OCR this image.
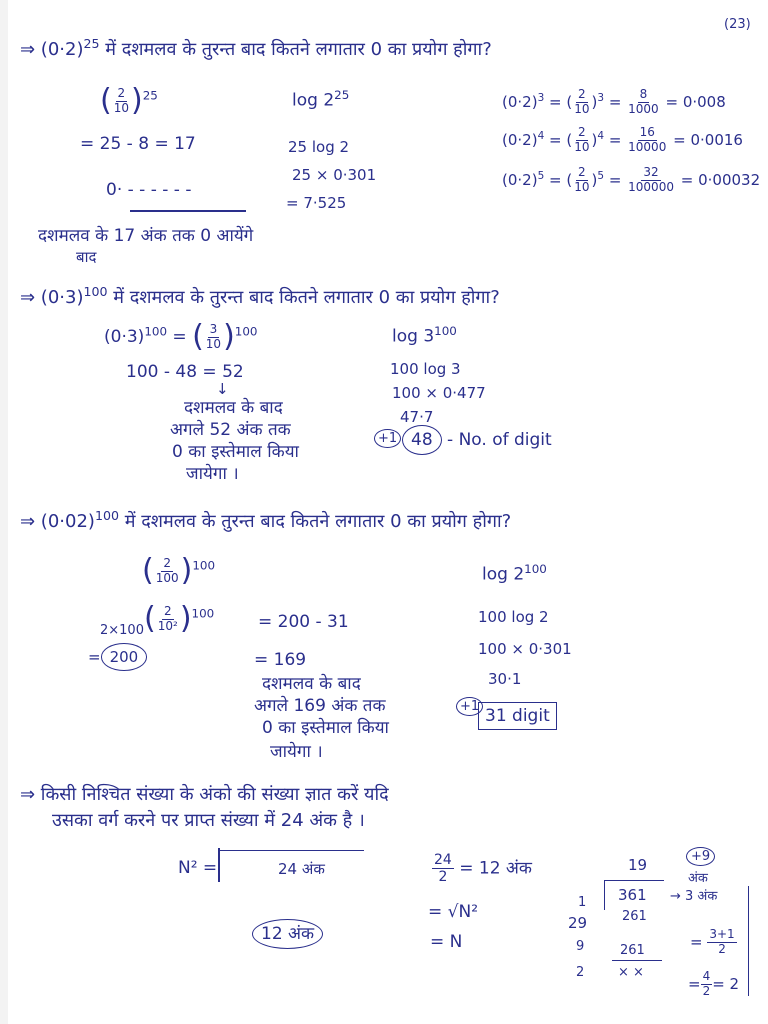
(23)
⇒ $(0\cdot 2)^{25}$ में दशमलव के तुरन्त बाद कितने लगातार 0 का प्रयोग होगा?
( $\frac{2}{10} )^{25}$
= 25 - 8 = 17
0· - - - - - -
दशमलव के 17 अंक तक 0 आयेंगे
बाद
$\log 2^{25}$
25 log 2
25 × 0·301
= 7·525
$(0\cdot 2)^3$ = ( $\frac{2}{10} )^3 = \frac{8}{1000} = 0\cdot 008$
$(0\cdot 2)^4$ = ( $\frac{2}{10} )^4 = \frac{16}{10000} = 0\cdot 0016$
$(0\cdot 2)^5$ = ( $\frac{2}{10} )^5 = \frac{32}{100000} = 0\cdot 00032$
⇒ $(0\cdot 3)^{100}$ में दशमलव के तुरन्त बाद कितने लगातार 0 का प्रयोग होगा?
$(0\cdot 3)^{100}$ = ( $\frac{3}{10} )^{100}$
100 - 48 = 52
↓
दशमलव के बाद
अगले 52 अंक तक
0 का इस्तेमाल किया
जायेगा ।
$\log 3^{100}$
100 log 3
100 × 0·477
47·7
+1 48 - No. of digit
⇒ $(0\cdot 02)^{100}$ में दशमलव के तुरन्त बाद कितने लगातार 0 का प्रयोग होगा?
( $\frac{2}{100} )^{100}$
2×100 ( $\frac{2}{\text{10²}} )^{100}$
= 200
= 200 - 31
= 169
दशमलव के बाद
अगले 169 अंक तक
0 का इस्तेमाल किया
जायेगा ।
$\log 2^{100}$
100 log 2
100 × 0·301
30·1
+1 31 digit
⇒ किसी निश्चित संख्या के अंको की संख्या ज्ञात करें यदि
उसका वर्ग करने पर प्राप्त संख्या में 24 अंक है ।
N² =	24 अंक	$\frac{24}{2} = 12$ अंक
= √N²
= N
12 अंक
19	+9
अंक
1 361
29	261
→ 3 अंक
9	261
× ×
2
= $\frac{3+1}{2}$
= $\frac{4}{2} = 2$
